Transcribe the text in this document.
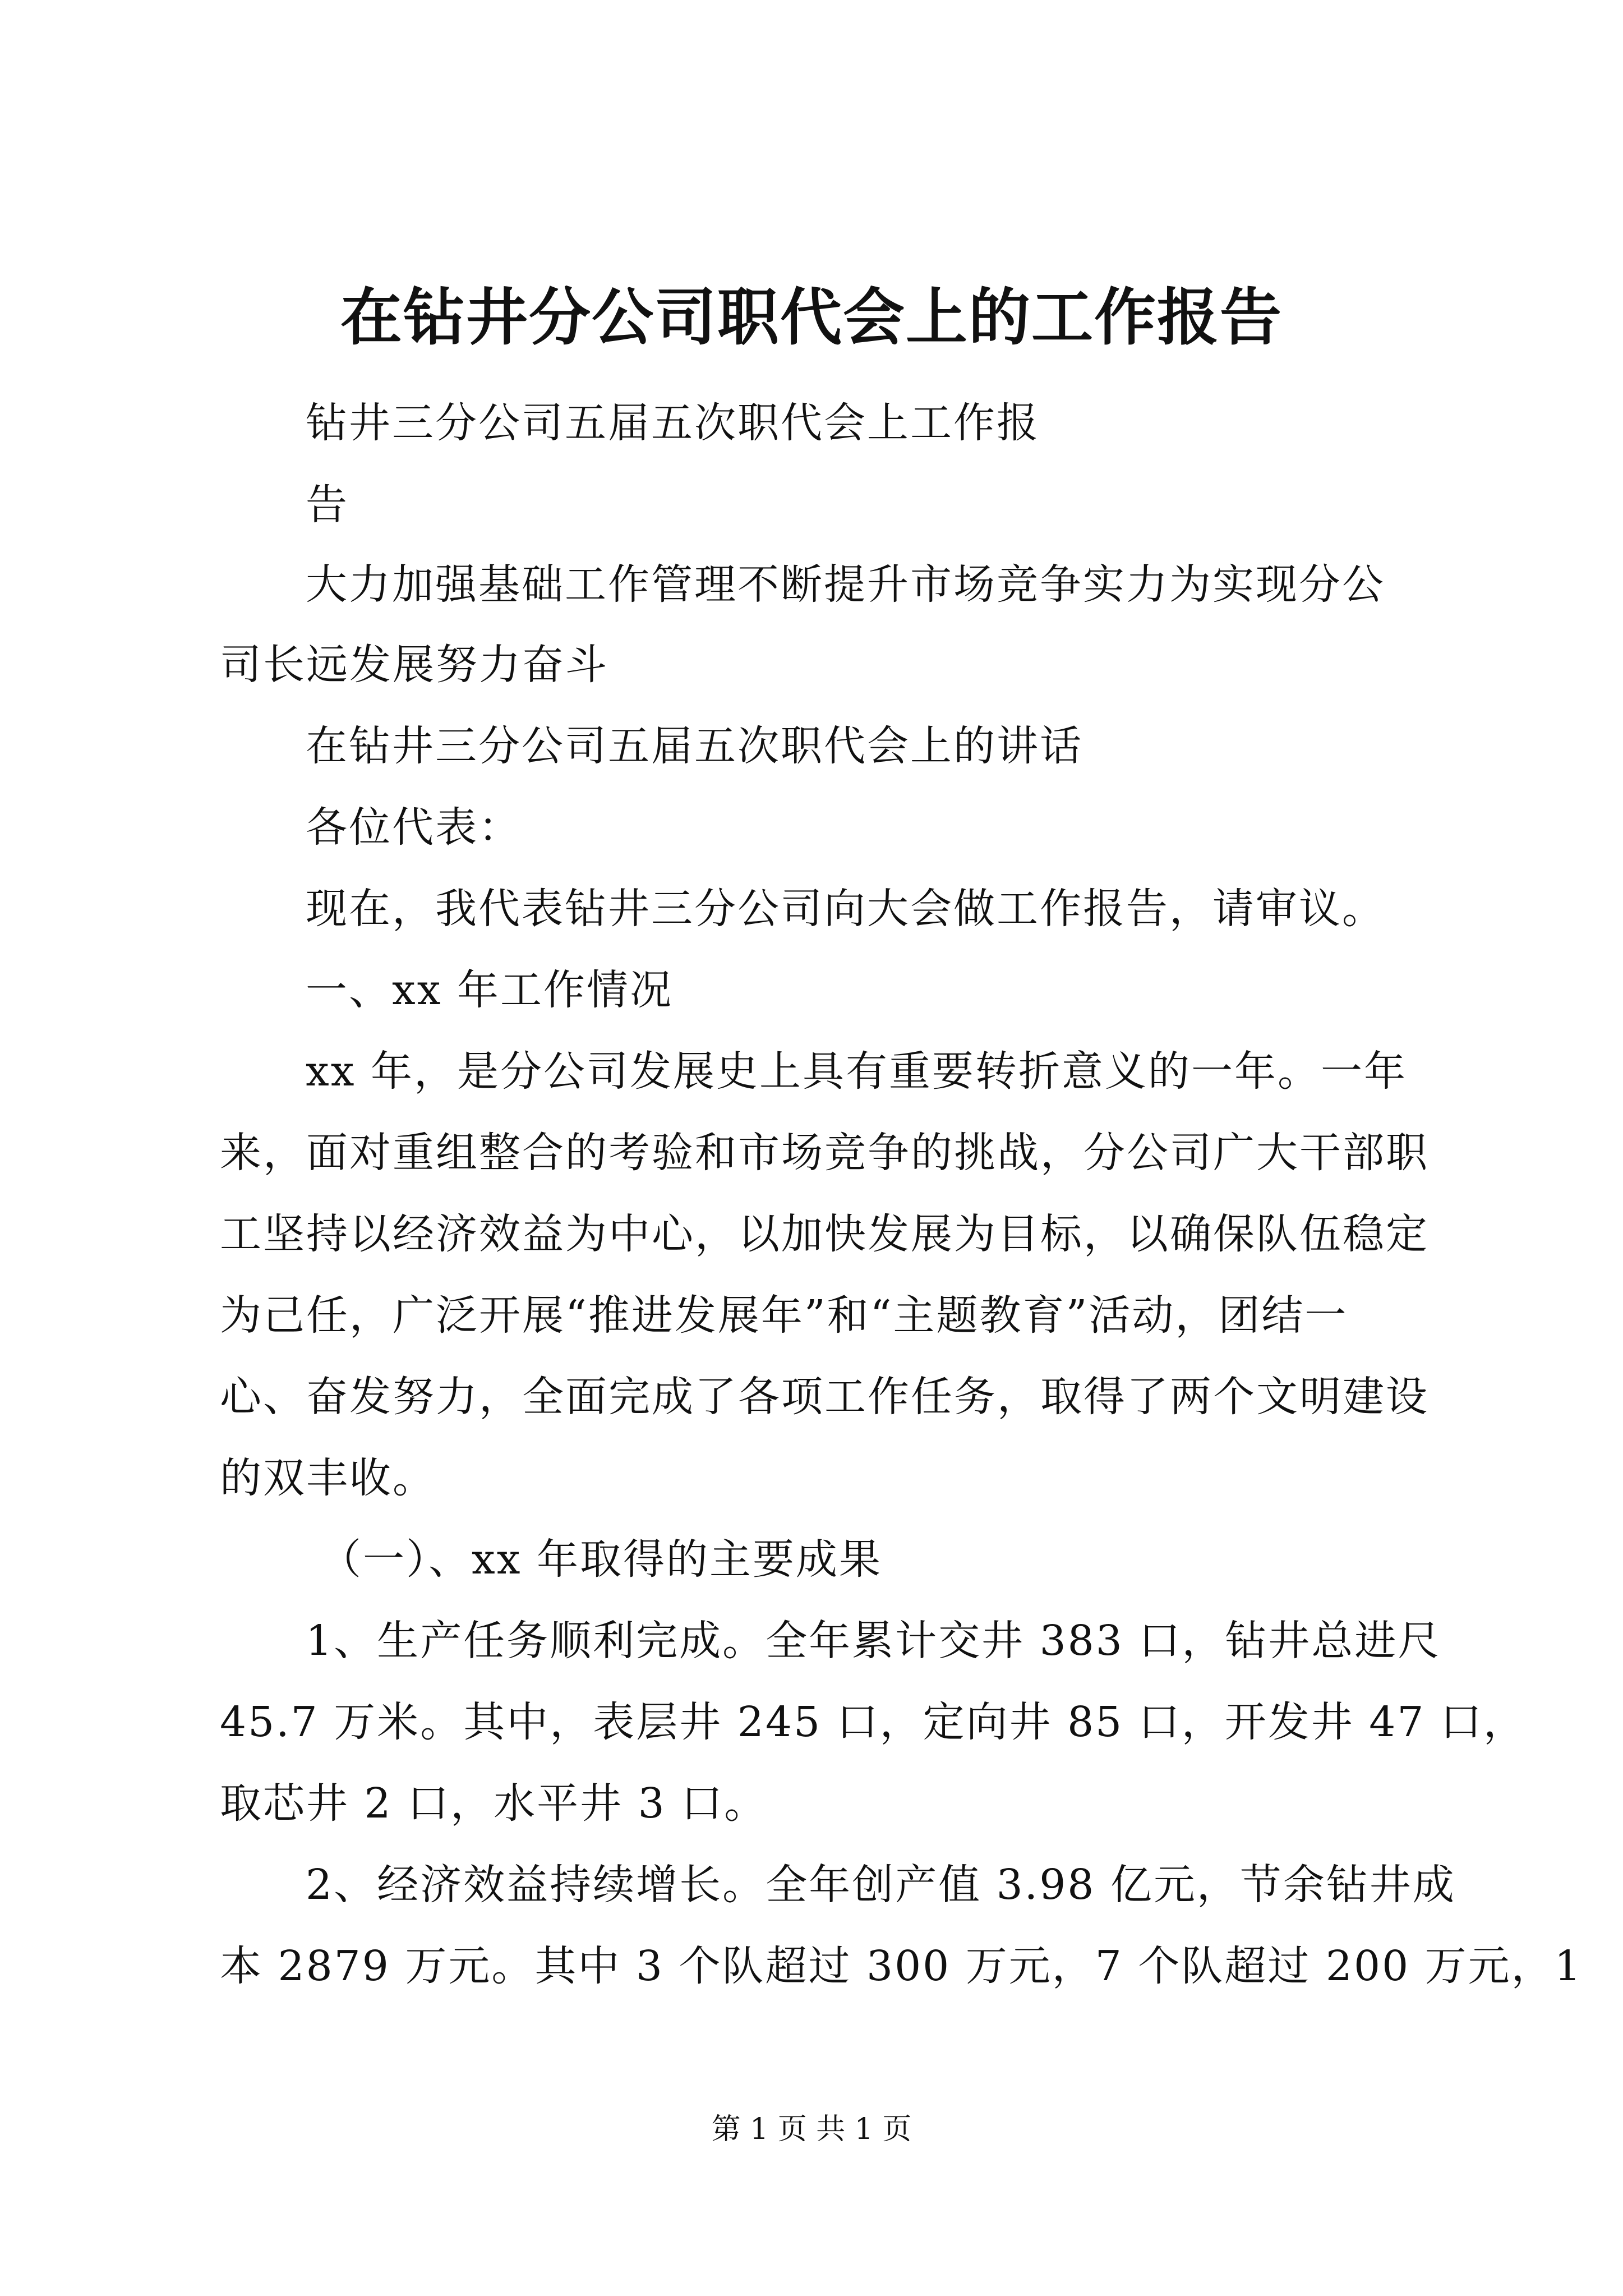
在钻井分公司职代会上的工作报告
钻井三分公司五届五次职代会上工作报
告
大力加强基础工作管理不断提升市场竞争实力为实现分公
司长远发展努力奋斗
在钻井三分公司五届五次职代会上的讲话
各位代表：
现在，我代表钻井三分公司向大会做工作报告，请审议。
一、xx 年工作情况
xx 年，是分公司发展史上具有重要转折意义的一年。一年
来，面对重组整合的考验和市场竞争的挑战，分公司广大干部职
工坚持以经济效益为中心，以加快发展为目标，以确保队伍稳定
为己任，广泛开展“推进发展年”和“主题教育”活动，团结一
心、奋发努力，全面完成了各项工作任务，取得了两个文明建设
的双丰收。
（一）、xx 年取得的主要成果
1、生产任务顺利完成。全年累计交井 383 口，钻井总进尺
45.7 万米。其中，表层井 245 口，定向井 85 口，开发井 47 口，
取芯井 2 口，水平井 3 口。
2、经济效益持续增长。全年创产值 3.98 亿元，节余钻井成
本 2879 万元。其中 3 个队超过 300 万元，7 个队超过 200 万元，1
第 1 页 共 1 页
